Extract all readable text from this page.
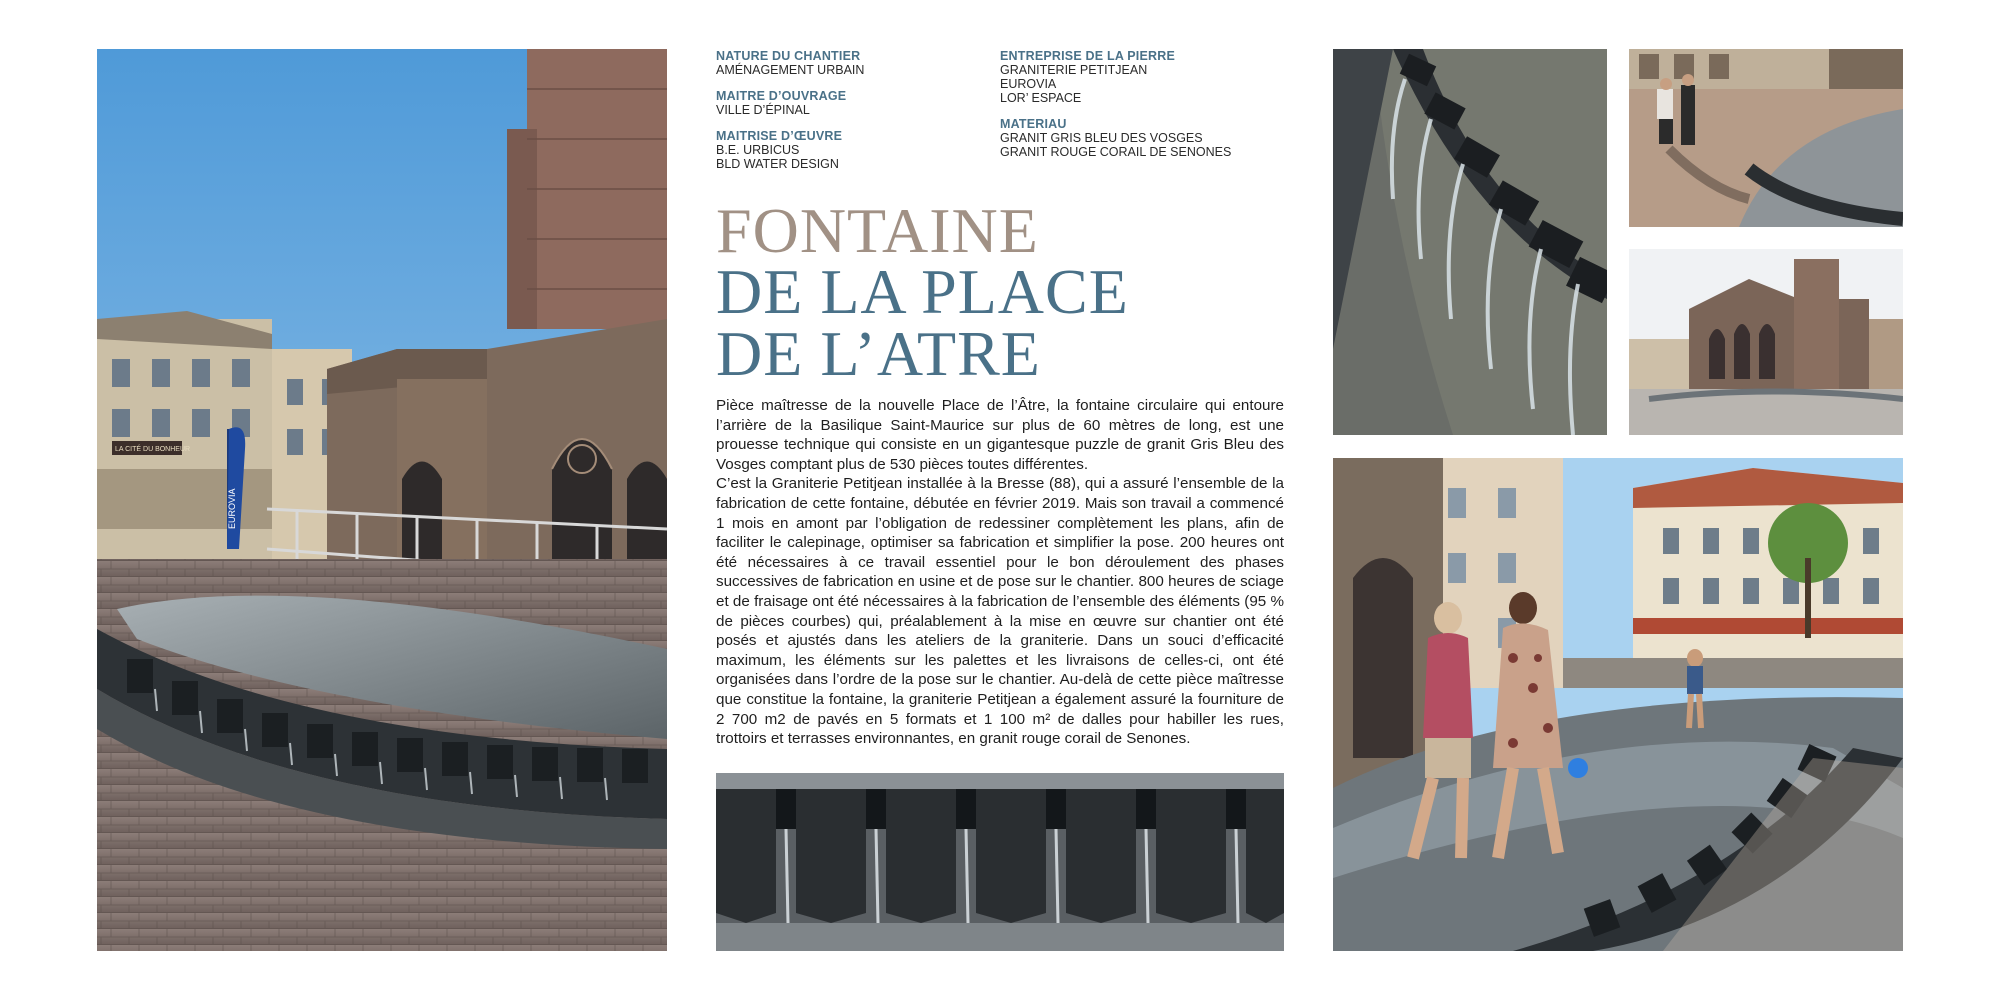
LA CITÉ DU BONHEUR
EUROVIA
NATURE DU CHANTIER
AMÉNAGEMENT URBAIN
MAITRE D’OUVRAGE
VILLE D’ÉPINAL
MAITRISE D’ŒUVRE
B.E. URBICUS
BLD WATER DESIGN
ENTREPRISE DE LA PIERRE
GRANITERIE PETITJEAN
EUROVIA
LOR’ ESPACE
MATERIAU
GRANIT GRIS BLEU DES VOSGES
GRANIT ROUGE CORAIL DE SENONES
FONTAINE
DE LA PLACE
DE L’ATRE

Pièce maîtresse de la nouvelle Place de l’Âtre, la fontaine circulaire qui entoure l’arrière de la Basilique Saint-Maurice sur plus de 60 mètres de long, est une prouesse technique qui consiste en un gigantesque puzzle de granit Gris Bleu des Vosges comptant plus de 530 pièces toutes différentes.

C’est la Graniterie Petitjean installée à la Bresse (88), qui a assuré l’ensemble de la fabrication de cette fontaine, débutée en février 2019. Mais son travail a commencé 1 mois en amont par l’obligation de redessiner complètement les plans, afin de faciliter le calepinage, optimiser sa fabrication et simplifier la pose. 200 heures ont été nécessaires à ce travail essentiel pour le bon déroulement des phases successives de fabrication en usine et de pose sur le chantier. 800 heures de sciage et de fraisage ont été nécessaires à la fabrication de l’ensemble des éléments (95 % de pièces courbes) qui, préalablement à la mise en œuvre sur chantier ont été posés et ajustés dans les ateliers de la graniterie. Dans un souci d’efficacité maximum, les éléments sur les palettes et les livraisons de celles-ci, ont été organisées dans l’ordre de la pose sur le chantier. Au-delà de cette pièce maîtresse que constitue la fontaine, la graniterie Petitjean a également assuré la fourniture de 2 700 m2 de pavés en 5 formats et 1 100 m² de dalles pour habiller les rues, trottoirs et terrasses environnantes, en granit rouge corail de Senones.
